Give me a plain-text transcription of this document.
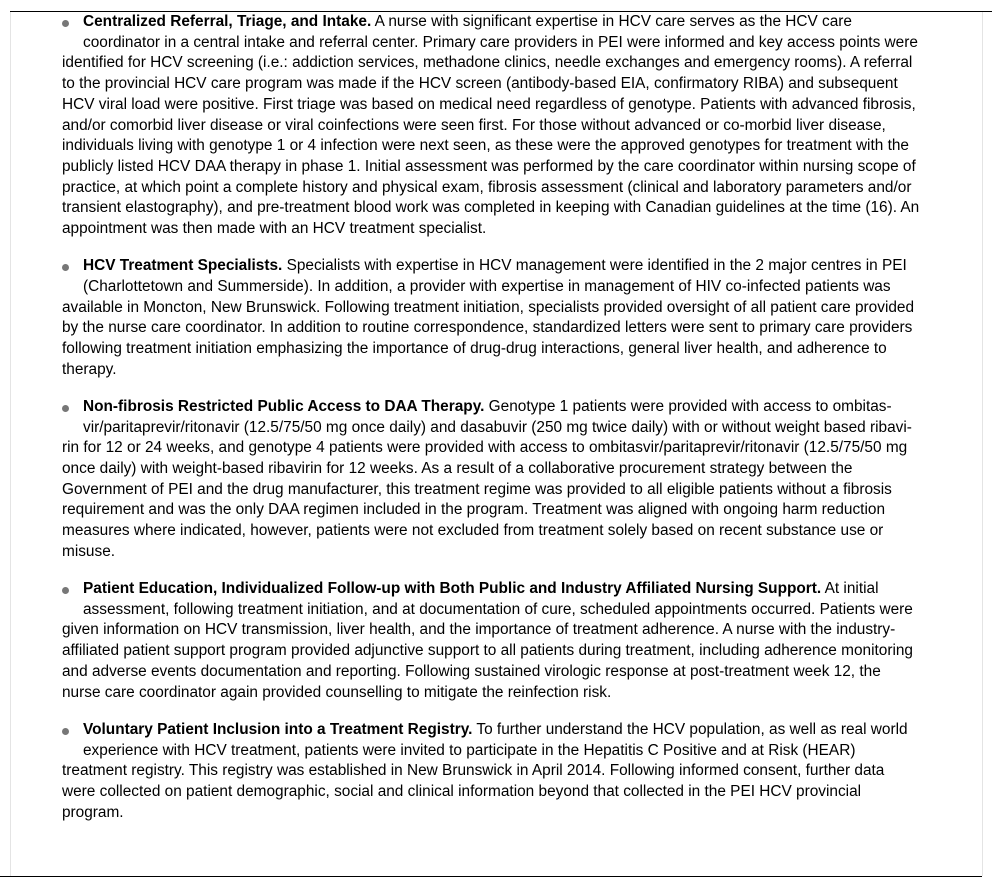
Centralized Referral, Triage, and Intake. A nurse with significant expertise in HCV care serves as the HCV care
coordinator in a central intake and referral center. Primary care providers in PEI were informed and key access points were
identified for HCV screening (i.e.: addiction services, methadone clinics, needle exchanges and emergency rooms). A referral
to the provincial HCV care program was made if the HCV screen (antibody-based EIA, confirmatory RIBA) and subsequent
HCV viral load were positive. First triage was based on medical need regardless of genotype. Patients with advanced fibrosis,
and/or comorbid liver disease or viral coinfections were seen first. For those without advanced or co-morbid liver disease,
individuals living with genotype 1 or 4 infection were next seen, as these were the approved genotypes for treatment with the
publicly listed HCV DAA therapy in phase 1. Initial assessment was performed by the care coordinator within nursing scope of
practice, at which point a complete history and physical exam, fibrosis assessment (clinical and laboratory parameters and/or
transient elastography), and pre-treatment blood work was completed in keeping with Canadian guidelines at the time (16). An
appointment was then made with an HCV treatment specialist.
HCV Treatment Specialists. Specialists with expertise in HCV management were identified in the 2 major centres in PEI
(Charlottetown and Summerside). In addition, a provider with expertise in management of HIV co-infected patients was
available in Moncton, New Brunswick. Following treatment initiation, specialists provided oversight of all patient care provided
by the nurse care coordinator. In addition to routine correspondence, standardized letters were sent to primary care providers
following treatment initiation emphasizing the importance of drug-drug interactions, general liver health, and adherence to
therapy.
Non-fibrosis Restricted Public Access to DAA Therapy. Genotype 1 patients were provided with access to ombitas-
vir/paritaprevir/ritonavir (12.5/75/50 mg once daily) and dasabuvir (250 mg twice daily) with or without weight based ribavi-
rin for 12 or 24 weeks, and genotype 4 patients were provided with access to ombitasvir/paritaprevir/ritonavir (12.5/75/50 mg
once daily) with weight-based ribavirin for 12 weeks. As a result of a collaborative procurement strategy between the
Government of PEI and the drug manufacturer, this treatment regime was provided to all eligible patients without a fibrosis
requirement and was the only DAA regimen included in the program. Treatment was aligned with ongoing harm reduction
measures where indicated, however, patients were not excluded from treatment solely based on recent substance use or
misuse.
Patient Education, Individualized Follow-up with Both Public and Industry Affiliated Nursing Support. At initial
assessment, following treatment initiation, and at documentation of cure, scheduled appointments occurred. Patients were
given information on HCV transmission, liver health, and the importance of treatment adherence. A nurse with the industry-
affiliated patient support program provided adjunctive support to all patients during treatment, including adherence monitoring
and adverse events documentation and reporting. Following sustained virologic response at post-treatment week 12, the
nurse care coordinator again provided counselling to mitigate the reinfection risk.
Voluntary Patient Inclusion into a Treatment Registry. To further understand the HCV population, as well as real world
experience with HCV treatment, patients were invited to participate in the Hepatitis C Positive and at Risk (HEAR)
treatment registry. This registry was established in New Brunswick in April 2014. Following informed consent, further data
were collected on patient demographic, social and clinical information beyond that collected in the PEI HCV provincial
program.
